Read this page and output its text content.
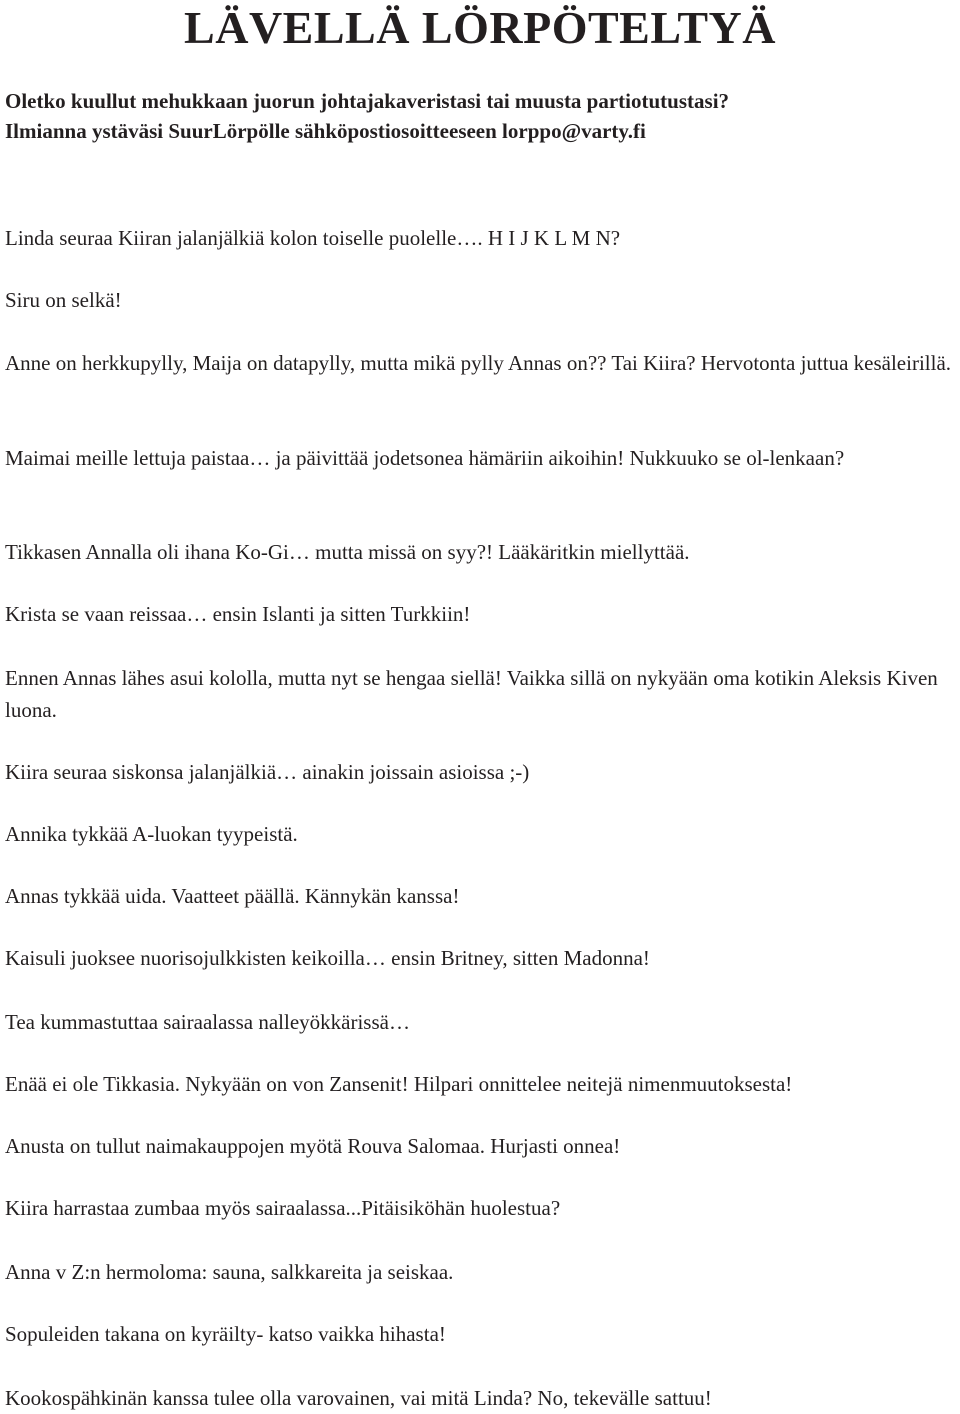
LÄVELLÄ LÖRPÖTELTYÄ

Oletko kuullut mehukkaan juorun johtajakaveristasi tai muusta partiotutustasi?
Ilmianna ystäväsi SuurLörpölle sähköpostiosoitteeseen lorppo@varty.fi

Linda seuraa Kiiran jalanjälkiä kolon toiselle puolelle…. H I J K L M N?

Siru on selkä!

Anne on herkkupylly, Maija on datapylly, mutta mikä pylly Annas on?? Tai Kiira? Hervotonta juttua kesäleirillä.

Maimai meille lettuja paistaa… ja päivittää jodetsonea hämäriin aikoihin! Nukkuuko se ol-lenkaan?

Tikkasen Annalla oli ihana Ko-Gi… mutta missä on syy?! Lääkäritkin miellyttää.

Krista se vaan reissaa… ensin Islanti ja sitten Turkkiin!

Ennen Annas lähes asui kololla, mutta nyt se hengaa siellä! Vaikka sillä on nykyään oma kotikin Aleksis Kiven luona.

Kiira seuraa siskonsa jalanjälkiä… ainakin joissain asioissa ;-)

Annika tykkää A-luokan tyypeistä.

Annas tykkää uida. Vaatteet päällä. Kännykän kanssa!

Kaisuli juoksee nuorisojulkkisten keikoilla… ensin Britney, sitten Madonna!

Tea kummastuttaa sairaalassa nalleyökkärissä…

Enää ei ole Tikkasia. Nykyään on von Zansenit! Hilpari onnittelee neitejä nimenmuutoksesta!

Anusta on tullut naimakauppojen myötä Rouva Salomaa. Hurjasti onnea!

Kiira harrastaa zumbaa myös sairaalassa...Pitäisiköhän huolestua?

Anna v Z:n hermoloma: sauna, salkkareita ja seiskaa.

Sopuleiden takana on kyräilty- katso vaikka hihasta!

Kookospähkinän kanssa tulee olla varovainen, vai mitä Linda? No, tekevälle sattuu!
